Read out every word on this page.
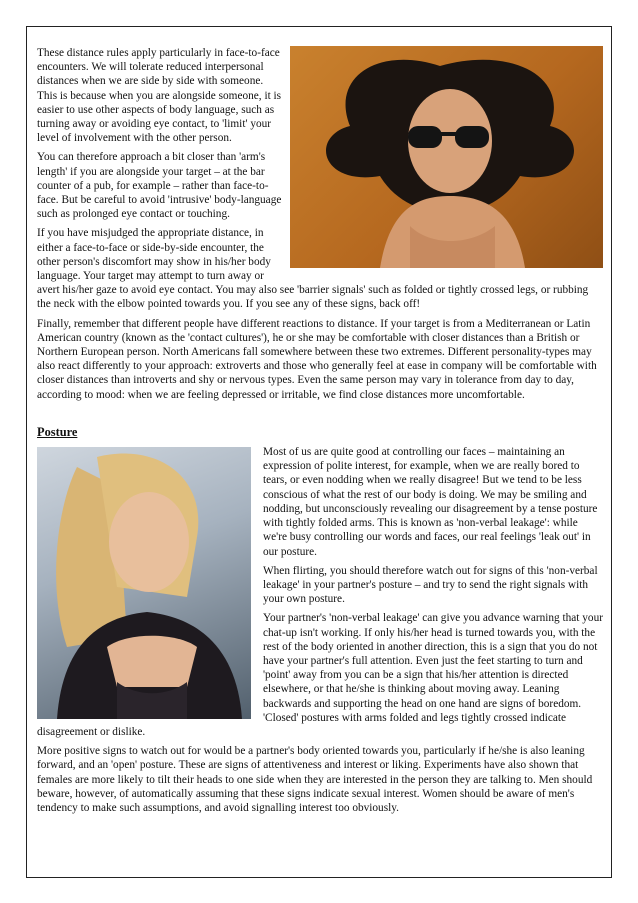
These distance rules apply particularly in face-to-face encounters. We will tolerate reduced interpersonal distances when we are side by side with someone. This is because when you are alongside someone, it is easier to use other aspects of body language, such as turning away or avoiding eye contact, to 'limit' your level of involvement with the other person.

You can therefore approach a bit closer than 'arm's length' if you are alongside your target – at the bar counter of a pub, for example – rather than face-to-face. But be careful to avoid 'intrusive' body-language such as prolonged eye contact or touching.

If you have misjudged the appropriate distance, in either a face-to-face or side-by-side encounter, the other person's discomfort may show in his/her body language. Your target may attempt to turn away or avert his/her gaze to avoid eye contact. You may also see 'barrier signals' such as folded or tightly crossed legs, or rubbing the neck with the elbow pointed towards you. If you see any of these signs, back off!

Finally, remember that different people have different reactions to distance. If your target is from a Mediterranean or Latin American country (known as the 'contact cultures'), he or she may be comfortable with closer distances than a British or Northern European person. North Americans fall somewhere between these two extremes. Different personality-types may also react differently to your approach: extroverts and those who generally feel at ease in company will be comfortable with closer distances than introverts and shy or nervous types. Even the same person may vary in tolerance from day to day, according to mood: when we are feeling depressed or irritable, we find close distances more uncomfortable.

Posture

Most of us are quite good at controlling our faces – maintaining an expression of polite interest, for example, when we are really bored to tears, or even nodding when we really disagree! But we tend to be less conscious of what the rest of our body is doing. We may be smiling and nodding, but unconsciously revealing our disagreement by a tense posture with tightly folded arms. This is known as 'non-verbal leakage': while we're busy controlling our words and faces, our real feelings 'leak out' in our posture.

When flirting, you should therefore watch out for signs of this 'non-verbal leakage' in your partner's posture – and try to send the right signals with your own posture.

Your partner's 'non-verbal leakage' can give you advance warning that your chat-up isn't working. If only his/her head is turned towards you, with the rest of the body oriented in another direction, this is a sign that you do not have your partner's full attention. Even just the feet starting to turn and 'point' away from you can be a sign that his/her attention is directed elsewhere, or that he/she is thinking about moving away. Leaning backwards and supporting the head on one hand are signs of boredom. 'Closed' postures with arms folded and legs tightly crossed indicate disagreement or dislike.

More positive signs to watch out for would be a partner's body oriented towards you, particularly if he/she is also leaning forward, and an 'open' posture. These are signs of attentiveness and interest or liking. Experiments have also shown that females are more likely to tilt their heads to one side when they are interested in the person they are talking to. Men should beware, however, of automatically assuming that these signs indicate sexual interest. Women should be aware of men's tendency to make such assumptions, and avoid signalling interest too obviously.
